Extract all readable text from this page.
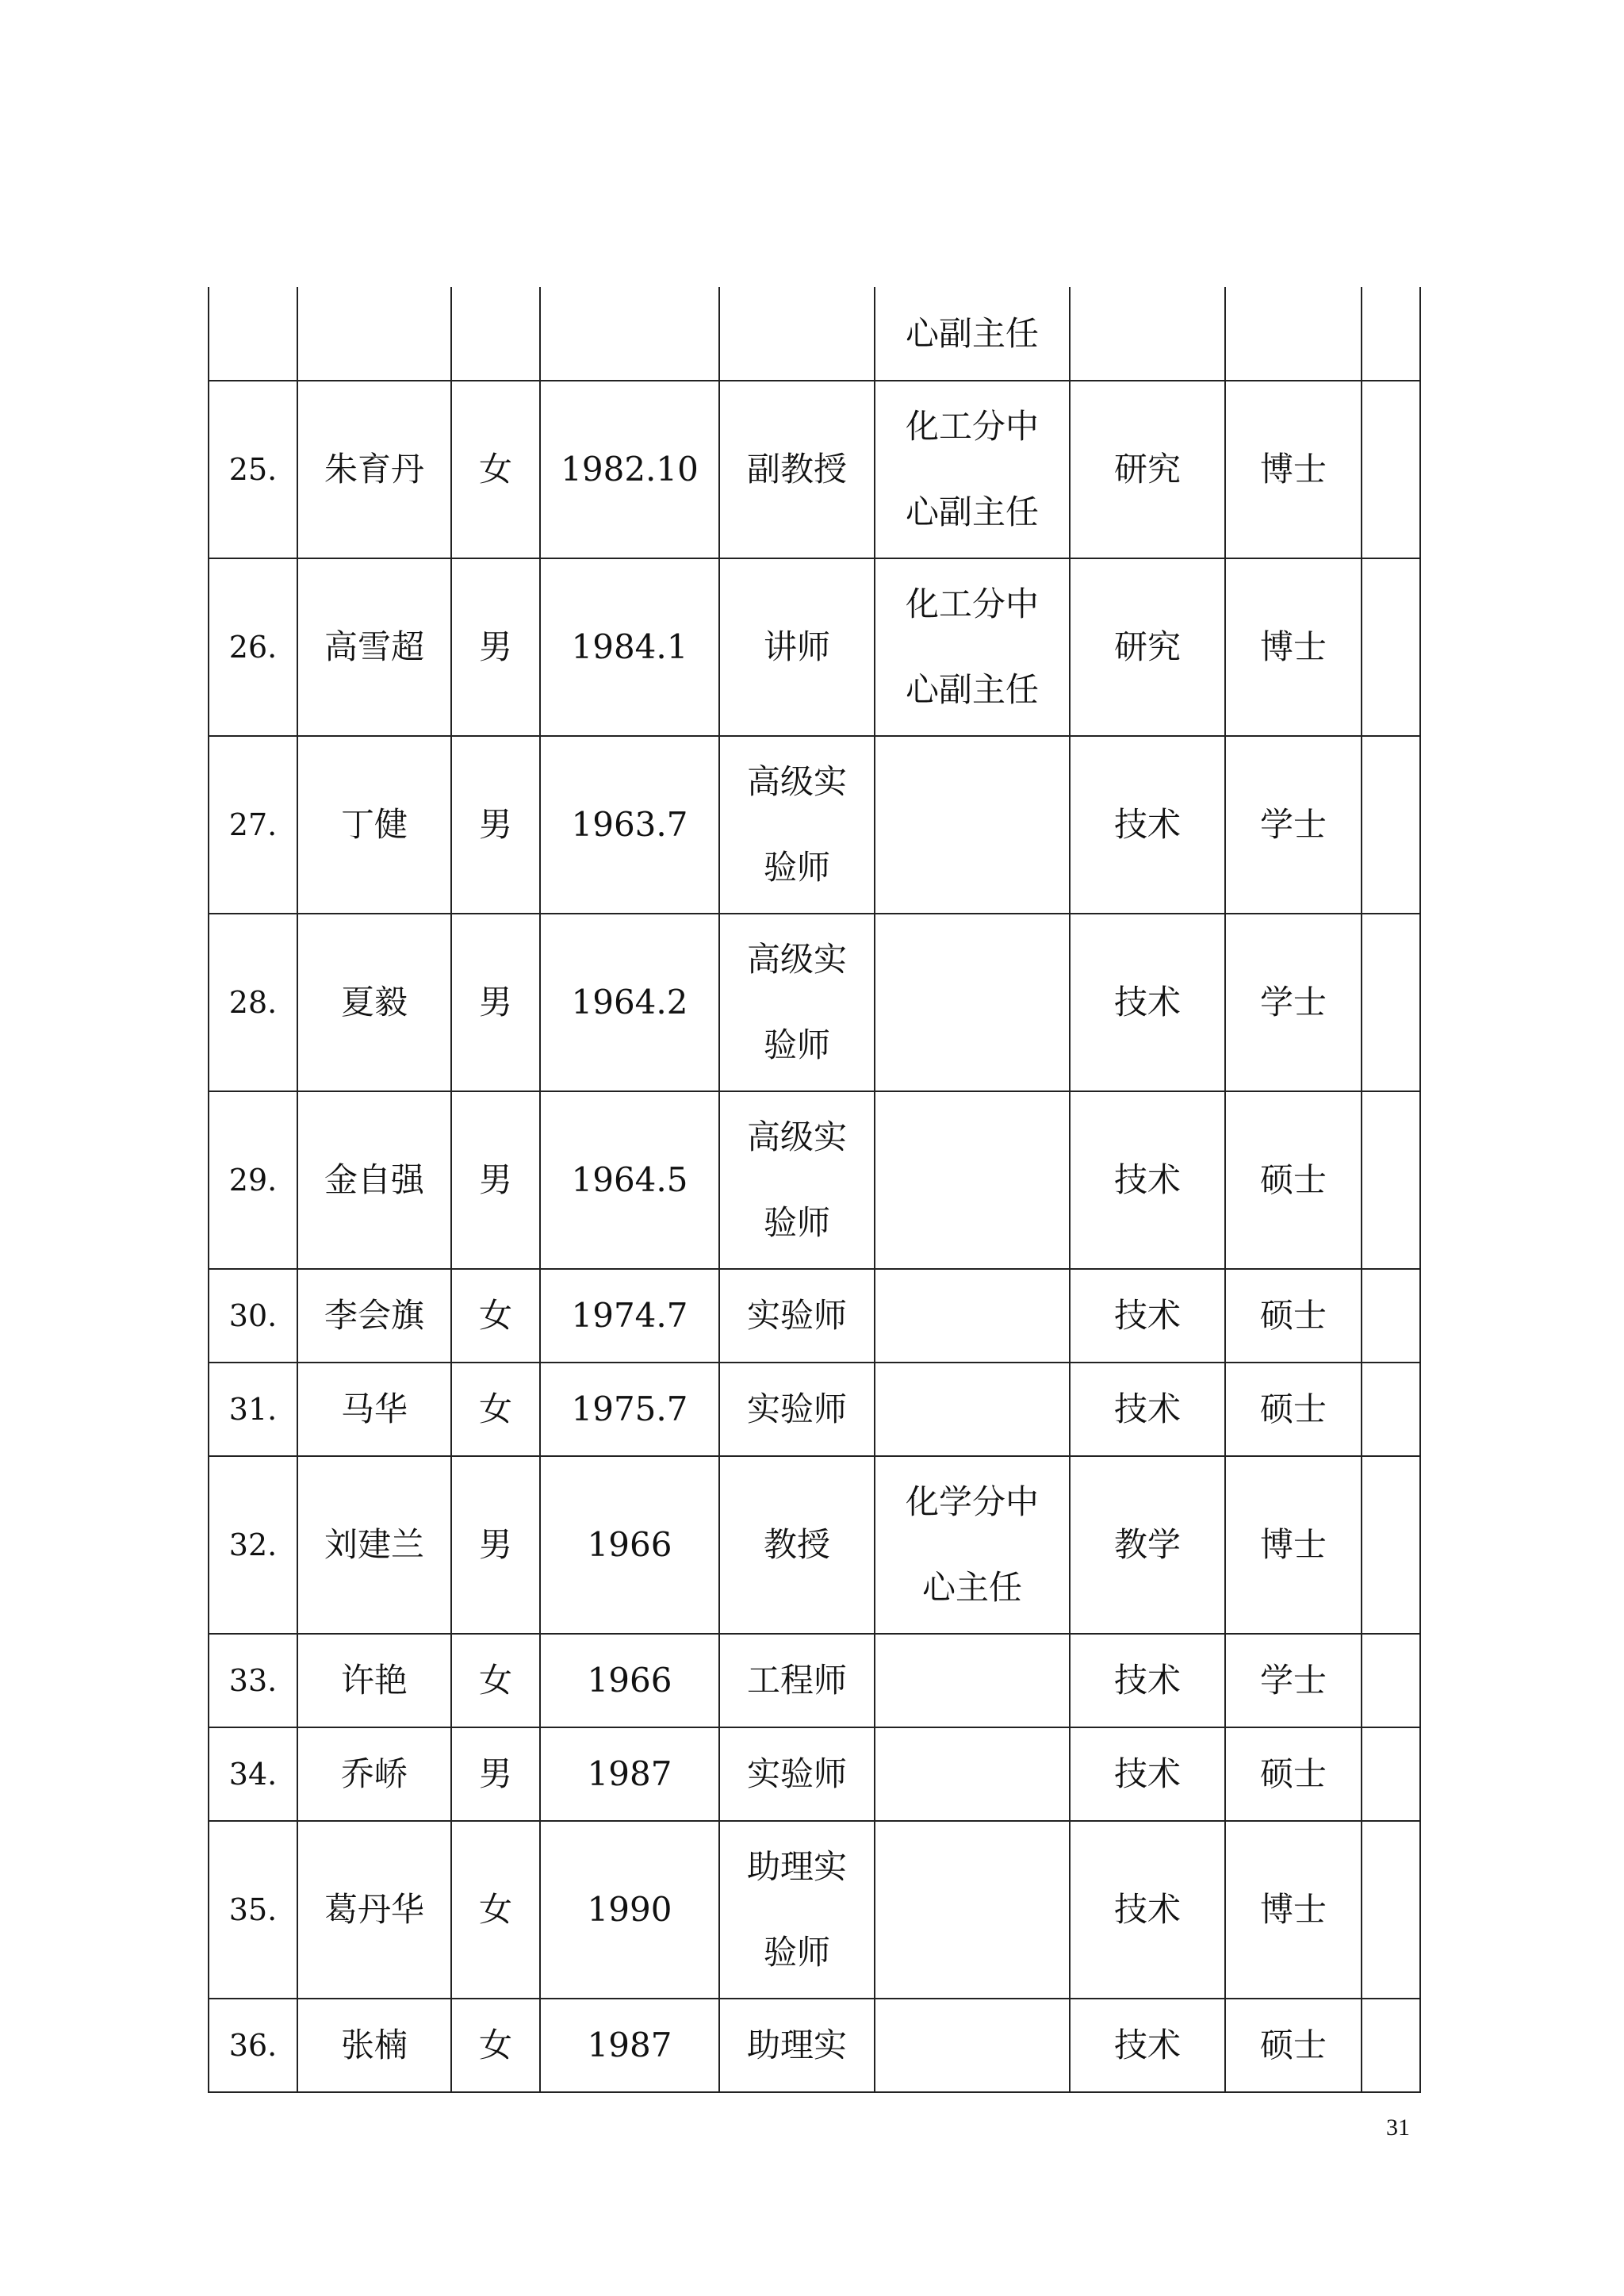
					心副主任			

25.	朱育丹	女	1982.10	副教授	化工分中
心副主任	研究	博士	
26.	高雪超	男	1984.1	讲师	化工分中
心副主任	研究	博士	
27.	丁健	男	1963.7	高级实
验师		技术	学士	
28.	夏毅	男	1964.2	高级实
验师		技术	学士	
29.	金自强	男	1964.5	高级实
验师		技术	硕士	
30.	李会旗	女	1974.7	实验师		技术	硕士	
31.	马华	女	1975.7	实验师		技术	硕士	
32.	刘建兰	男	1966	教授	化学分中
心主任	教学	博士	
33.	许艳	女	1966	工程师		技术	学士	
34.	乔峤	男	1987	实验师		技术	硕士	
35.	葛丹华	女	1990	助理实
验师		技术	博士	
36.	张楠	女	1987	助理实		技术	硕士	
31
